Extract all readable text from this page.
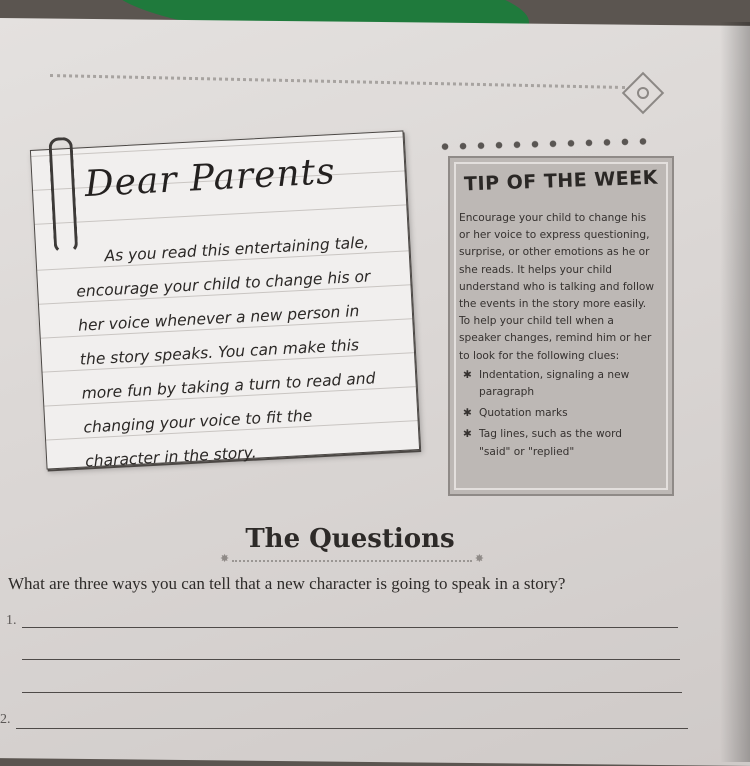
Dear Parents

As you read this entertaining tale, encourage your child to change his or her voice whenever a new person in the story speaks. You can make this more fun by taking a turn to read and changing your voice to fit the character in the story.

TIP OF THE WEEK
Encourage your child to change his or her voice to express questioning, surprise, or other emotions as he or she reads. It helps your child understand who is talking and follow the events in the story more easily. To help your child tell when a speaker changes, remind him or her to look for the following clues:
✱ Indentation, signaling a new paragraph
✱ Quotation marks
✱ Tag lines, such as the word "said" or "replied"
The Questions
✸ ✸
What are three ways you can tell that a new character is going to speak in a story?
1.
2.
